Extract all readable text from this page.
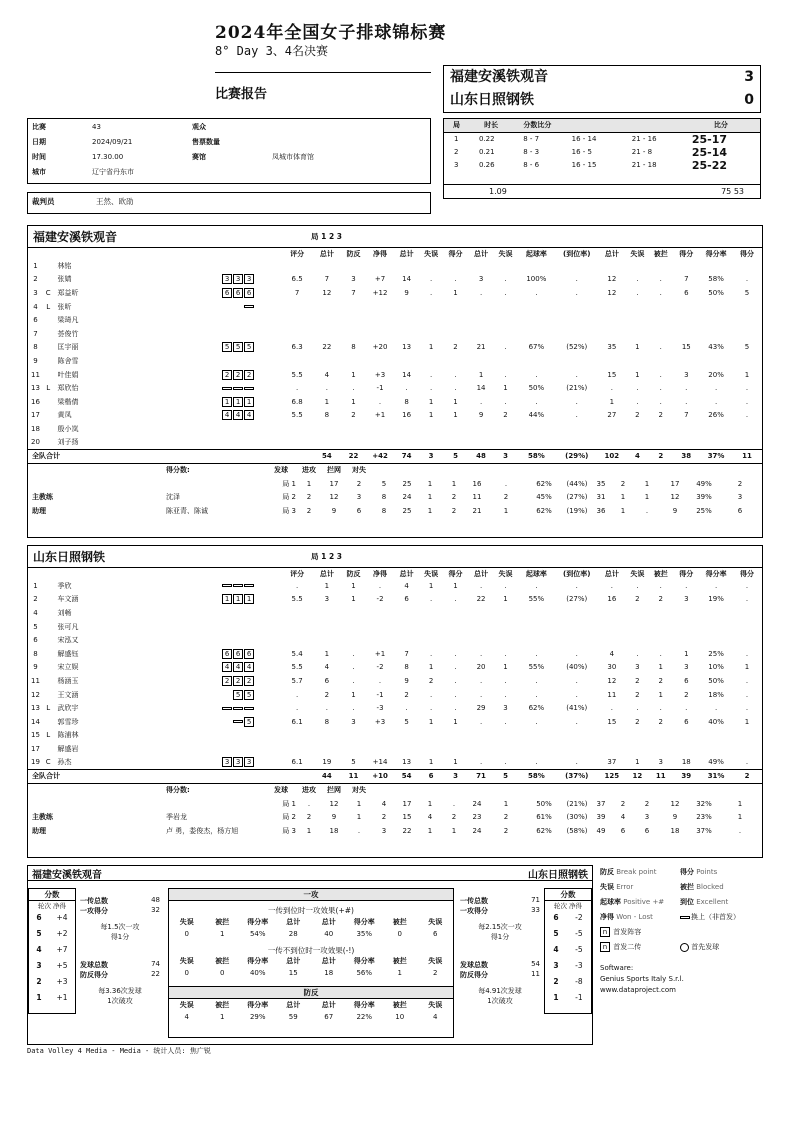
2024年全国女子排球锦标赛
8° Day 3、4名决赛
比赛报告
福建安溪铁观音	3
山东日照钢铁	0
比赛	43	观众	
日期	2024/09/21	售票数量	
时间	17.30.00	赛馆	凤城市体育馆
城市	辽宁省丹东市		
裁判员	王然、欧劭
局	时长	分数比分			比分
1	0.22	8 - 7	16 - 14	21 - 16	25-17
2	0.21	8 - 3	16 - 5	21 - 8	25-14
3	0.26	8 - 6	16 - 15	21 - 18	25-22
1.09	75 53
福建安溪铁观音	局 1 2 3
				评分	总计	防反	净得	总计	失误	得分	总计	失误	起球率	(到位率)	总计	失误	被拦	得分	得分率	得分
1		林铭																		
2		张婧	3 3 3	6.5	7	3	+7	14	.	.	3	.	100%	.	12	.	.	7	58%	.
3	C	郑益昕	6 6 6	7	12	7	+12	9	.	1	.	.	.	.	12	.	.	6	50%	5
4	L	张昕																		
6		梁琦凡																		
7		荟俊竹																		
8		匡宇丽	5 5 5	6.3	22	8	+20	13	1	2	21	.	67%	(52%)	35	1	.	15	43%	5
9		陈舍雪																		
11		叶佳娟	2 2 2	5.5	4	1	+3	14	.	.	1	.	.	.	15	1	.	3	20%	1
13	L	郑欣怡		.	.	.	-1	.	.	.	14	1	50%	(21%)	.	.	.	.	.	.
16		梁楷倩	1 1 1	6.8	1	1	.	8	1	1	.	.	.	.	1	.	.	.	.	.
17		黄凤	4 4 4	5.5	8	2	+1	16	1	1	9	2	44%	.	27	2	2	7	26%	.
18		殷小岚																		
20		刘子扬																		
全队合计					54	22	+42	74	3	5	48	3	58%	(29%)	102	4	2	38	37%	11
	得分数:	发球	进攻	拦网	对失														
		局 1	1	17	2	5	25	1	1	16	.	62%	(44%)	35	2	1	17	49%	2
主教练	沈泽	局 2	2	12	3	8	24	1	2	11	2	45%	(27%)	31	1	1	12	39%	3
助理	陈亚青、陈诚	局 3	2	9	6	8	25	1	2	21	1	62%	(19%)	36	1	.	9	25%	6
山东日照钢铁	局 1 2 3
				评分	总计	防反	净得	总计	失误	得分	总计	失误	起球率	(到位率)	总计	失误	被拦	得分	得分率	得分
1		季欣		.	1	1	.	4	1	1	.	.	.	.	.	.	.	.	.	.
2		车文涵	1 1 1	5.5	3	1	-2	6	.	.	22	1	55%	(27%)	16	2	2	3	19%	.
4		刘畅																		
5		张可凡																		
6		宋泓又																		
8		解盛钰	6 6 6	5.4	1	.	+1	7	.	.	.	.	.	.	4	.	.	1	25%	.
9		宋立娱	4 4 4	5.5	4	.	-2	8	1	.	20	1	55%	(40%)	30	3	1	3	10%	1
11		杨涵玉	2 2 2	5.7	6	.	.	9	2	.	.	.	.	.	12	2	2	6	50%	.
12		王文涵	5 5	.	2	1	-1	2	.	.	.	.	.	.	11	2	1	2	18%	.
13	L	武欣宇		.	.	.	-3	.	.	.	29	3	62%	(41%)	.	.	.	.	.	.
14		郭雪珍	5	6.1	8	3	+3	5	1	1	.	.	.	.	15	2	2	6	40%	1
15	L	陈浦林																		
17		解盛岩																		
19	C	孙杰	3 3 3	6.1	19	5	+14	13	1	1	.	.	.	.	37	1	3	18	49%	.
全队合计					44	11	+10	54	6	3	71	5	58%	(37%)	125	12	11	39	31%	2
	得分数:	发球	进攻	拦网	对失														
		局 1	.	12	1	4	17	1	.	24	1	50%	(21%)	37	2	2	12	32%	1
主教练	季岩龙	局 2	2	9	1	2	15	4	2	23	2	61%	(30%)	39	4	3	9	23%	1
助理	卢 勇，娄俊杰，杨方旭	局 3	1	18	.	3	22	1	1	24	2	62%	(58%)	49	6	6	18	37%	.
福建安溪铁观音	山东日照钢铁
分数
轮次 净得
6 +4
5 +2
4 +7
3 +5
2 +3
1 +1
一传总数	48
一攻得分	32
每1.5次一攻
得1分
发球总数	74
防反得分	22
每3.36次发球
1次破攻
一攻
一传到位时一攻效果(+#)
失误	被拦	得分率	总计	总计	得分率	被拦	失误
0	1	54%	28	40	35%	0	6
一传不到位时一攻效果(-!)
失误	被拦	得分率	总计	总计	得分率	被拦	失误
0	0	40%	15	18	56%	1	2
防反
失误	被拦	得分率	总计	总计	得分率	被拦	失误
4	1	29%	59	67	22%	10	4
一传总数	71
一攻得分	33
每2.15次一攻
得1分
发球总数	54
防反得分	11
每4.91次发球
1次破攻
分数
轮次 净得
6 -2
5 -5
4 -5
3 -3
2 -8
1 -1
防反 Break point	得分 Points
失误 Error	被拦 Blocked
起球率 Positive +#	到位 Excellent
净得 Won - Lost	换上（非首发）
n 首发阵容
n 首发二传	首先发球
Software:
Genius Sports Italy S.r.l.
www.dataproject.com
Data Volley 4 Media - Media - 统计人员: 焦广锐
